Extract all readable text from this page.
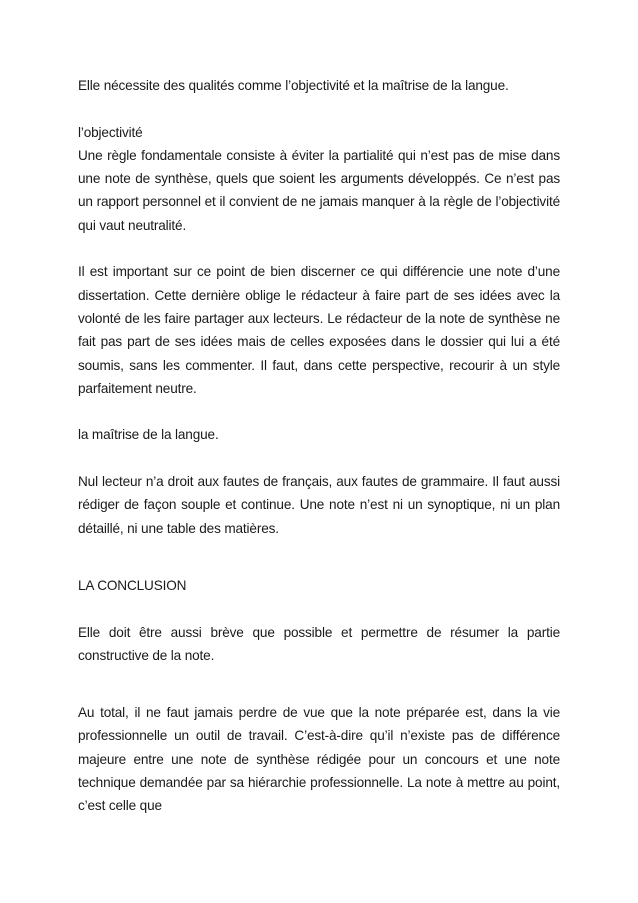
Elle nécessite des qualités comme l’objectivité et la maîtrise de la langue.

l’objectivité

Une règle fondamentale consiste à éviter la partialité qui n’est pas de mise dans une note de synthèse, quels que soient les arguments développés. Ce n’est pas un rapport personnel et il convient de ne jamais manquer à la règle de l’objectivité qui vaut neutralité.

Il est important sur ce point de bien discerner ce qui différencie une note d’une dissertation. Cette dernière oblige le rédacteur à faire part de ses idées avec la volonté de les faire partager aux lecteurs. Le rédacteur de la note de synthèse ne fait pas part de ses idées mais de celles exposées dans le dossier qui lui a été soumis, sans les commenter. Il faut, dans cette perspective, recourir à un style parfaitement neutre.

la maîtrise de la langue.

Nul lecteur n’a droit aux fautes de français, aux fautes de grammaire. Il faut aussi rédiger de façon souple et continue. Une note n’est ni un synoptique, ni un plan détaillé, ni une table des matières.

LA CONCLUSION

Elle doit être aussi brève que possible et permettre de résumer la partie constructive de la note.

Au total, il ne faut jamais perdre de vue que la note préparée est, dans la vie professionnelle un outil de travail. C’est-à-dire qu’il n’existe pas de différence majeure entre une note de synthèse rédigée pour un concours et une note technique demandée par sa hiérarchie professionnelle. La note à mettre au point, c’est celle que
